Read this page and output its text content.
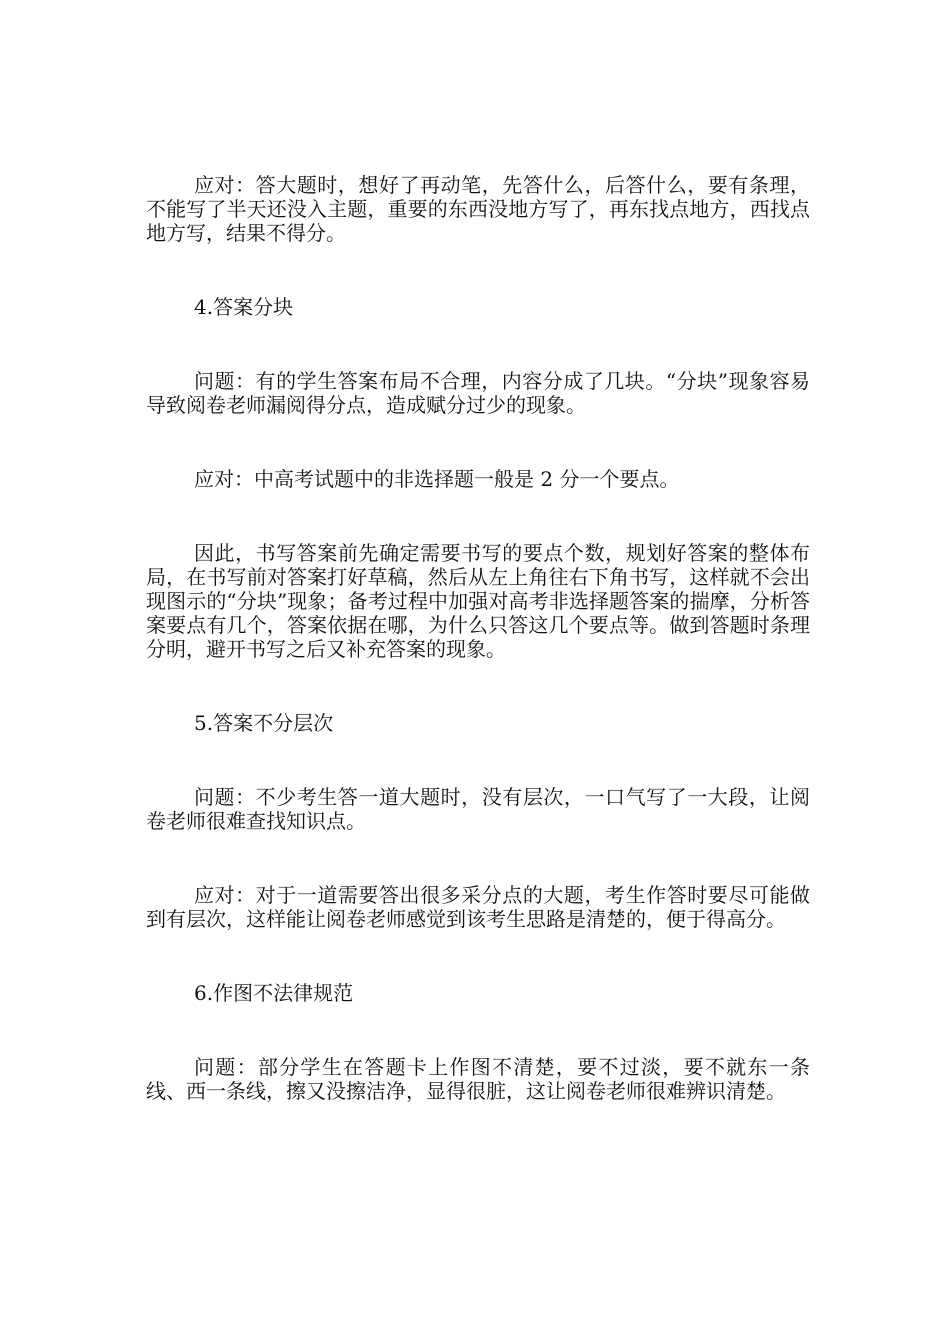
应对：答大题时，想好了再动笔，先答什么，后答什么，要有条理，不能写了半天还没入主题，重要的东西没地方写了，再东找点地方，西找点地方写，结果不得分。

4.答案分块

问题：有的学生答案布局不合理，内容分成了几块。“分块”现象容易导致阅卷老师漏阅得分点，造成赋分过少的现象。

应对：中高考试题中的非选择题一般是 2 分一个要点。

因此，书写答案前先确定需要书写的要点个数，规划好答案的整体布局，在书写前对答案打好草稿，然后从左上角往右下角书写，这样就不会出现图示的“分块”现象；备考过程中加强对高考非选择题答案的揣摩，分析答案要点有几个，答案依据在哪，为什么只答这几个要点等。做到答题时条理分明，避开书写之后又补充答案的现象。

5.答案不分层次

问题：不少考生答一道大题时，没有层次，一口气写了一大段，让阅卷老师很难查找知识点。

应对：对于一道需要答出很多采分点的大题，考生作答时要尽可能做到有层次，这样能让阅卷老师感觉到该考生思路是清楚的，便于得高分。

6.作图不法律规范

问题：部分学生在答题卡上作图不清楚，要不过淡，要不就东一条线、西一条线，擦又没擦洁净，显得很脏，这让阅卷老师很难辨识清楚。
